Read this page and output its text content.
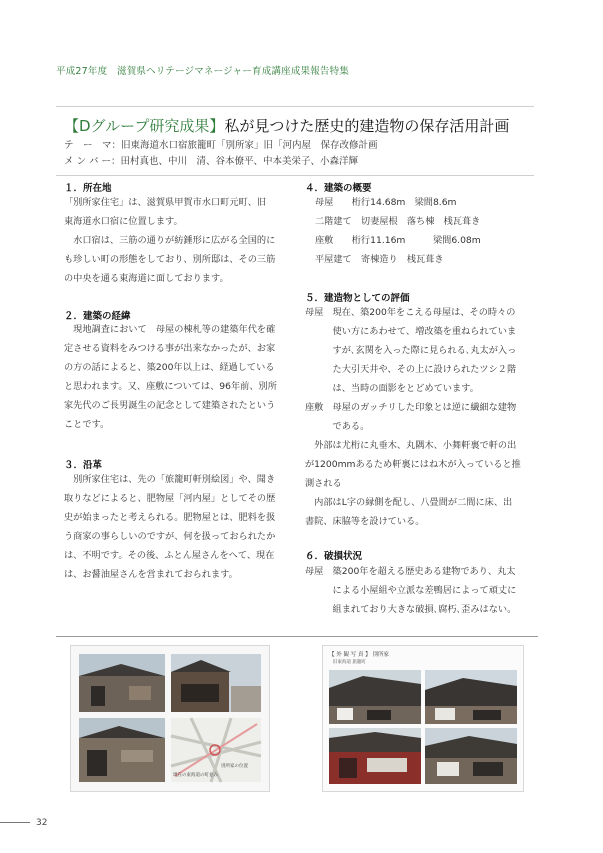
平成27年度　滋賀県ヘリテージマネージャー育成講座成果報告特集
【Dグループ研究成果】私が見つけた歴史的建造物の保存活用計画
テ　ー　マ：旧東海道水口宿旅籠町「別所家」旧「河内屋　保存改修計画
メ ン バ ー：田村真也、中川　清、谷本僚平、中本美栄子、小森洋輝
１．所在地
「別所家住宅」は、滋賀県甲賀市水口町元町、旧
東海道水口宿に位置します。
　水口宿は、三筋の通りが紡錘形に広がる全国的に
も珍しい町の形態をしており、別所邸は、その三筋
の中央を通る東海道に面しております。
２．建築の経緯
　現地調査において　母屋の棟札等の建築年代を確
定させる資料をみつける事が出来なかったが、お家
の方の話によると、築200年以上は、経過している
と思われます。又、座敷については、96年前、別所
家先代のご長男誕生の記念として建築されたという
ことです。
３．沿革
　別所家住宅は、先の「旅籠町軒別絵図」や、聞き
取りなどによると、肥物屋「河内屋」としてその歴
史が始まったと考えられる。肥物屋とは、肥料を扱
う商家の事らしいのですが、何を扱っておられたか
は、不明です。その後、ふとん屋さんをへて、現在
は、お醤油屋さんを営まれておられます。
４．建築の概要
母屋　　桁行14.68m　梁間8.6m
二階建て　切妻屋根　落ち棟　桟瓦葺き
座敷　　桁行11.16m　　　梁間6.08m
平屋建て　寄棟造り　桟瓦葺き
５．建造物としての評価
母屋　現在、築200年をこえる母屋は、その時々の
　　　使い方にあわせて、増改築を重ねられていま
　　　すが､玄関を入った際に見られる､丸太が入っ
　　　た大引天井や、その上に設けられたツシ２階
　　　は、当時の面影をとどめています。
座敷　母屋のガッチリした印象とは逆に繊細な建物
　　　である。
　外部は尤桁に丸垂木、丸隅木、小舞軒裏で軒の出
が1200mmあるため軒裏にはね木が入っていると推
測される
　内部はL字の縁側を配し、八畳間が二間に床、出
書院、床脇等を設けている。
６．破損状況
母屋　築200年を超える歴史ある建物であり、丸太
　　　による小屋組や立派な差鴨居によって頑丈に
　　　組まれており大きな破損､腐朽､歪みはない。
現在の東海道の町並み
別所家の位置
【 外 観 写 真 】 別所家
旧東海道 旅籠町
32
